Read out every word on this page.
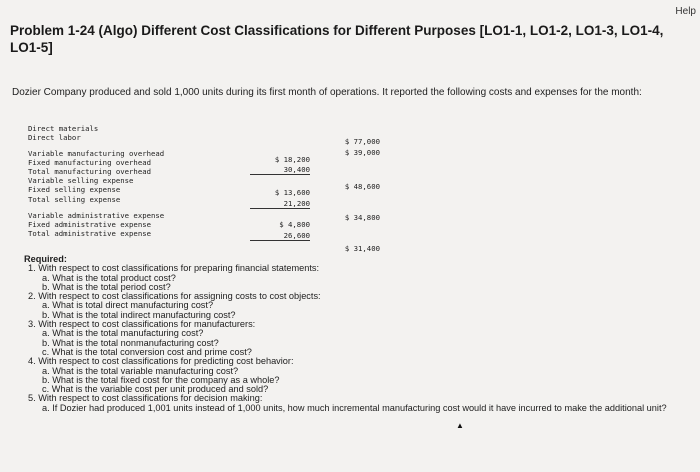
Help
Problem 1-24 (Algo) Different Cost Classifications for Different Purposes [LO1-1, LO1-2, LO1-3, LO1-4, LO1-5]
Dozier Company produced and sold 1,000 units during its first month of operations. It reported the following costs and expenses for the month:
Direct materials
$ 77,000
Direct labor
$ 39,000
Variable manufacturing overhead
$ 18,200
Fixed manufacturing overhead
30,400
Total manufacturing overhead
$ 48,600
Variable selling expense
$ 13,600
Fixed selling expense
21,200
Total selling expense
$ 34,800
Variable administrative expense
$ 4,800
Fixed administrative expense
26,600
Total administrative expense
$ 31,400
Required:
1. With respect to cost classifications for preparing financial statements:
a. What is the total product cost?
b. What is the total period cost?
2. With respect to cost classifications for assigning costs to cost objects:
a. What is total direct manufacturing cost?
b. What is the total indirect manufacturing cost?
3. With respect to cost classifications for manufacturers:
a. What is the total manufacturing cost?
b. What is the total nonmanufacturing cost?
c. What is the total conversion cost and prime cost?
4. With respect to cost classifications for predicting cost behavior:
a. What is the total variable manufacturing cost?
b. What is the total fixed cost for the company as a whole?
c. What is the variable cost per unit produced and sold?
5. With respect to cost classifications for decision making:
a. If Dozier had produced 1,001 units instead of 1,000 units, how much incremental manufacturing cost would it have incurred to make the additional unit?
▲
